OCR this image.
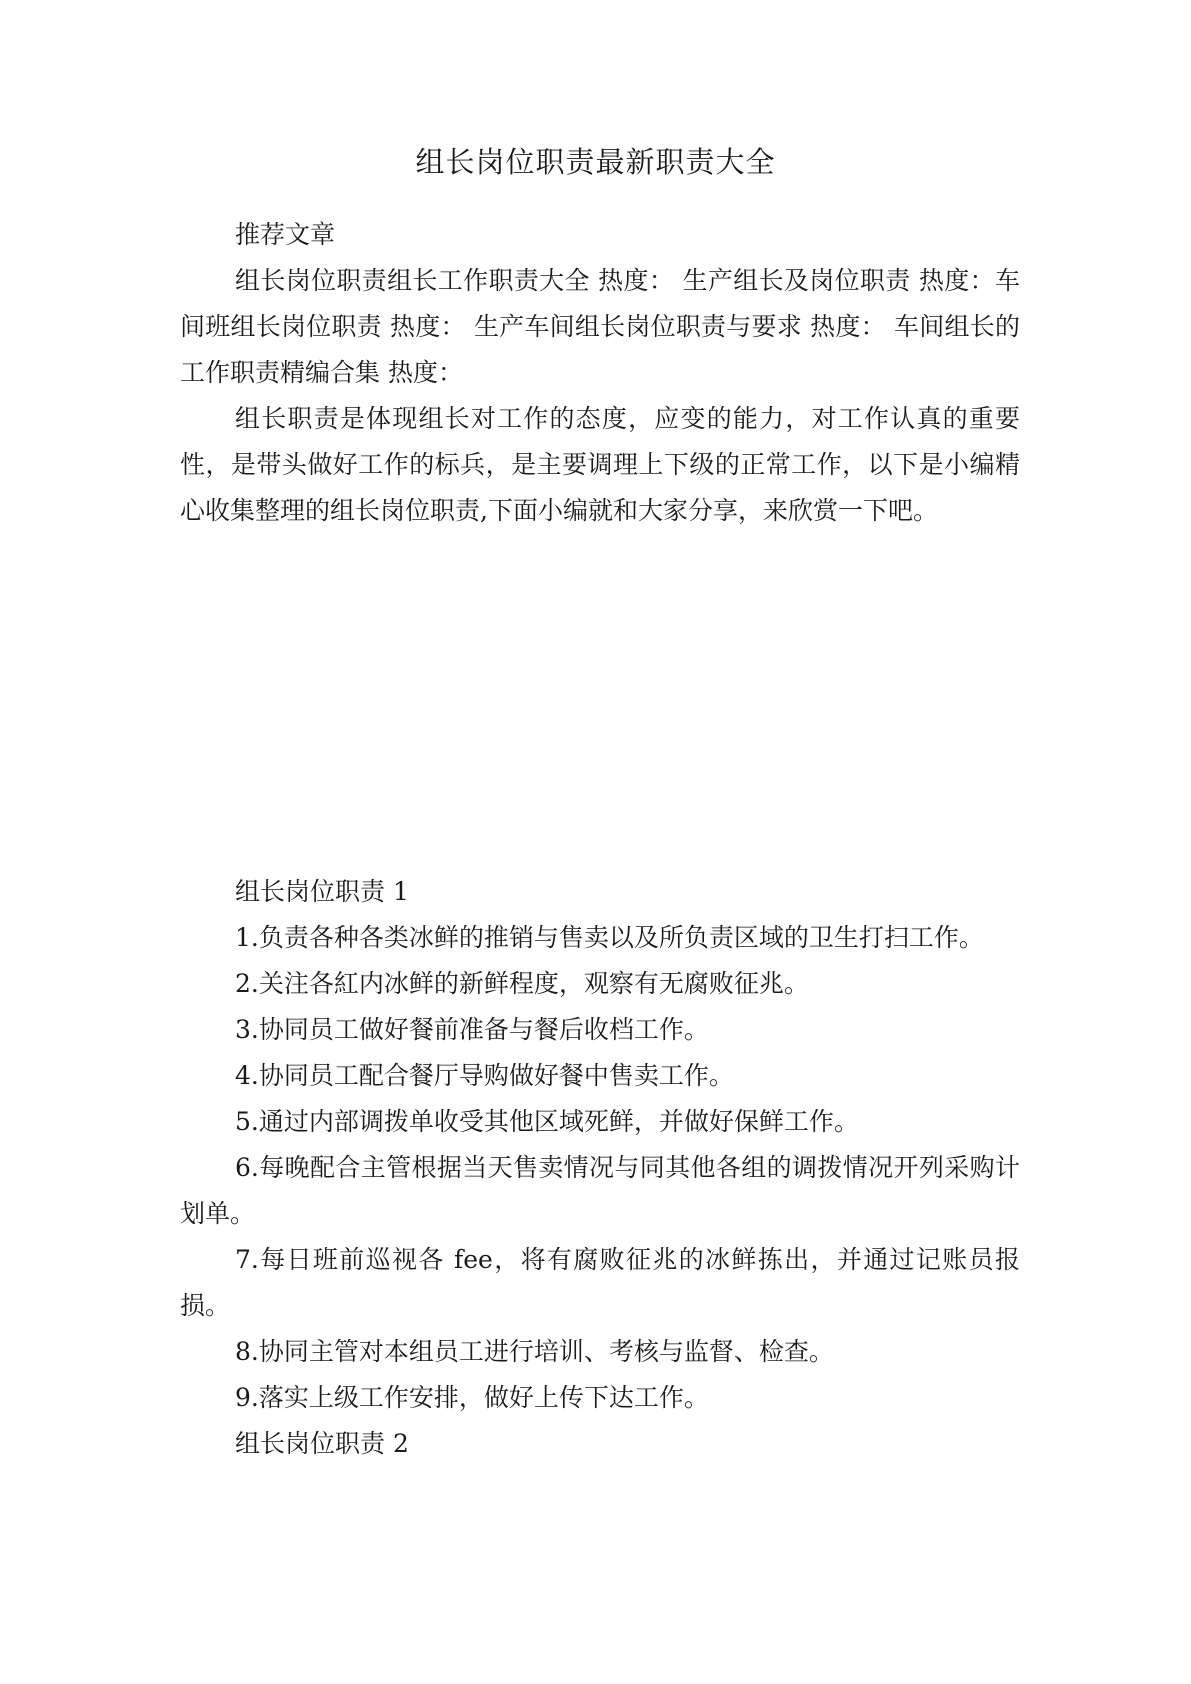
组长岗位职责最新职责大全

推荐文章

组长岗位职责组长工作职责大全 热度： 生产组长及岗位职责 热度：车间班组长岗位职责 热度： 生产车间组长岗位职责与要求 热度： 车间组长的工作职责精编合集 热度：

组长职责是体现组长对工作的态度，应变的能力，对工作认真的重要性，是带头做好工作的标兵，是主要调理上下级的正常工作，以下是小编精心收集整理的组长岗位职责,下面小编就和大家分享，来欣赏一下吧。

组长岗位职责 1

1.负责各种各类冰鲜的推销与售卖以及所负责区域的卫生打扫工作。

2.关注各紅内冰鲜的新鲜程度，观察有无腐败征兆。

3.协同员工做好餐前准备与餐后收档工作。

4.协同员工配合餐厅导购做好餐中售卖工作。

5.通过内部调拨单收受其他区域死鲜，并做好保鲜工作。

6.每晚配合主管根据当天售卖情况与同其他各组的调拨情况开列采购计划单。

7.每日班前巡视各 fee，将有腐败征兆的冰鲜拣出，并通过记账员报损。

8.协同主管对本组员工进行培训、考核与监督、检查。

9.落实上级工作安排，做好上传下达工作。

组长岗位职责 2
